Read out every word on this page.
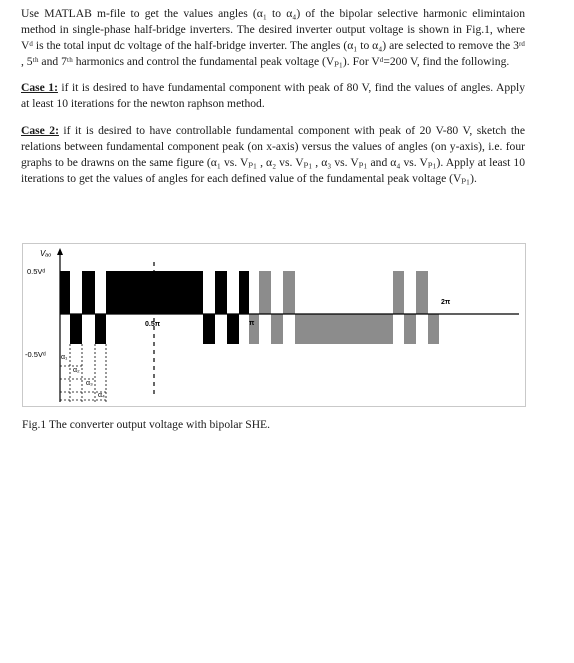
Use MATLAB m-file to get the values angles (α₁ to α₄) of the bipolar selective harmonic elimintaion method in single-phase half-bridge inverters. The desired inverter output voltage is shown in Fig.1, where Vᵈ is the total input dc voltage of the half-bridge inverter. The angles (α₁ to α₄) are selected to remove the 3ʳᵈ , 5ᵗʰ and 7ᵗʰ harmonics and control the fundamental peak voltage (Vₚ₁). For Vᵈ=200 V, find the following.

Case 1: if it is desired to have fundamental component with peak of 80 V, find the values of angles. Apply at least 10 iterations for the newton raphson method.

Case 2: if it is desired to have controllable fundamental component with peak of 20 V-80 V, sketch the relations between fundamental component peak (on x-axis) versus the values of angles (on y-axis), i.e. four graphs to be drawns on the same figure (α₁ vs. Vₚ₁ , α₂ vs. Vₚ₁ , α₃ vs. Vₚ₁ and α₄ vs. Vₚ₁). Apply at least 10 iterations to get the values of angles for each defined value of the fundamental peak voltage (Vₚ₁).

Vₐₒ
0.5Vᵈ
-0.5Vᵈ
0.5π	π
2π
α₁
α₂
α₃
α₄

Fig.1 The converter output voltage with bipolar SHE.
